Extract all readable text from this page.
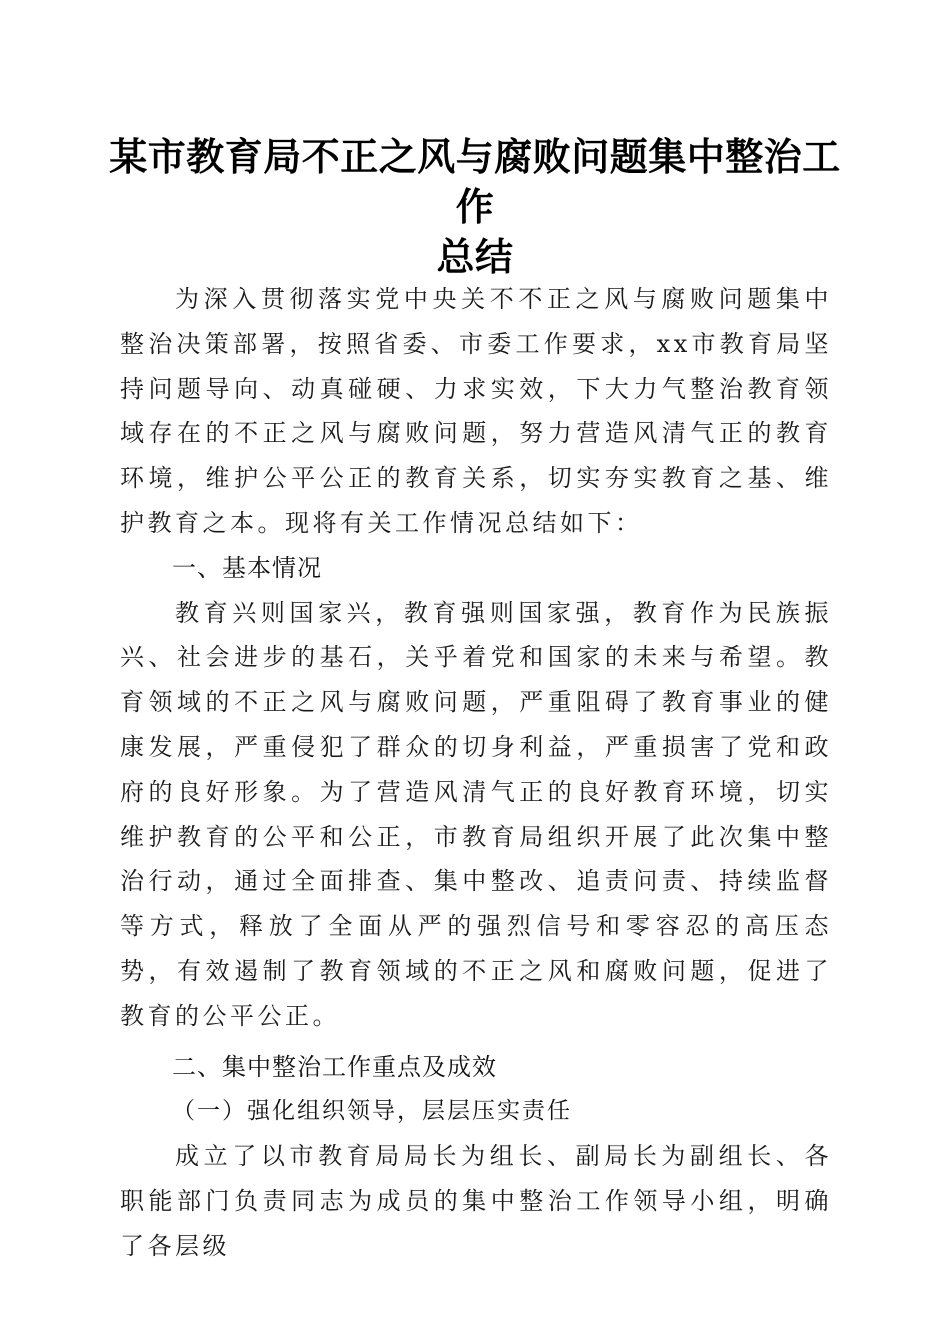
某市教育局不正之风与腐败问题集中整治工作
总结

为深入贯彻落实党中央关不不正之风与腐败问题集中整治决策部署，按照省委、市委工作要求，xx市教育局坚持问题导向、动真碰硬、力求实效，下大力气整治教育领域存在的不正之风与腐败问题，努力营造风清气正的教育环境，维护公平公正的教育关系，切实夯实教育之基、维护教育之本。现将有关工作情况总结如下：

一、基本情况

教育兴则国家兴，教育强则国家强，教育作为民族振兴、社会进步的基石，关乎着党和国家的未来与希望。教育领域的不正之风与腐败问题，严重阻碍了教育事业的健康发展，严重侵犯了群众的切身利益，严重损害了党和政府的良好形象。为了营造风清气正的良好教育环境，切实维护教育的公平和公正，市教育局组织开展了此次集中整治行动，通过全面排查、集中整改、追责问责、持续监督等方式，释放了全面从严的强烈信号和零容忍的高压态势，有效遏制了教育领域的不正之风和腐败问题，促进了教育的公平公正。

二、集中整治工作重点及成效

（一）强化组织领导，层层压实责任

成立了以市教育局局长为组长、副局长为副组长、各职能部门负责同志为成员的集中整治工作领导小组，明确了各层级
